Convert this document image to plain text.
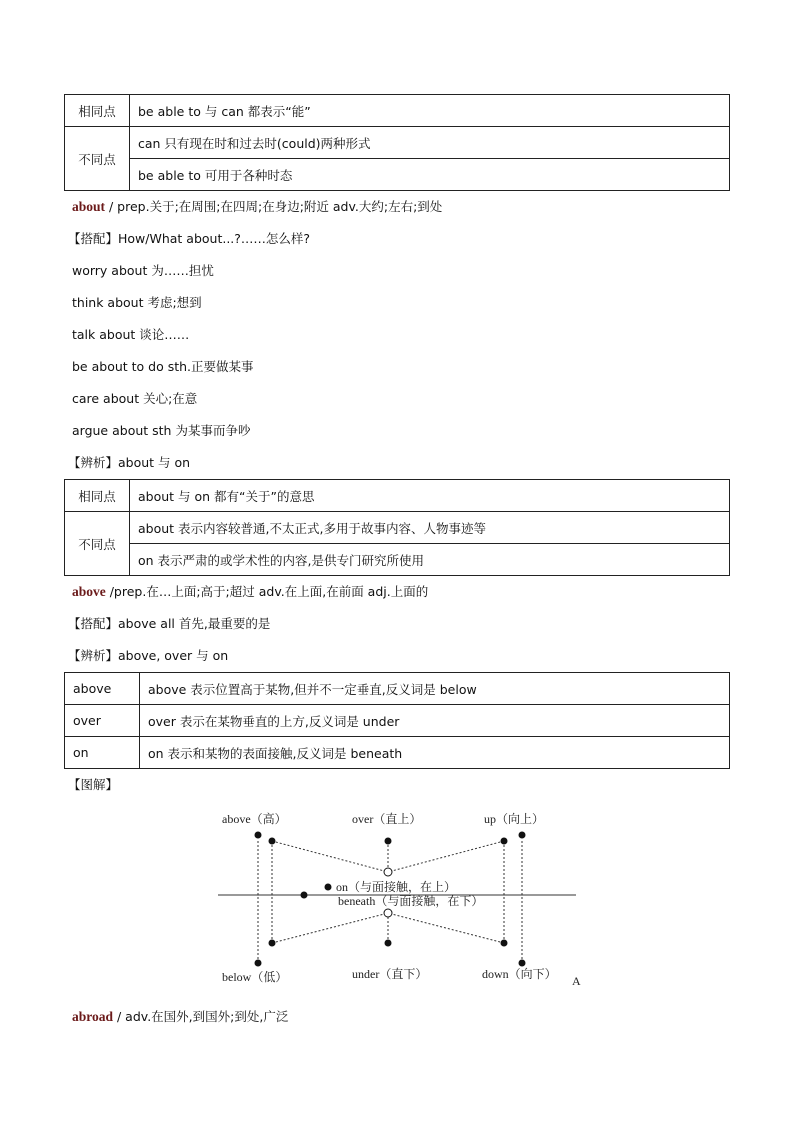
相同点	be able to 与 can 都表示“能”
不同点	can 只有现在时和过去时(could)两种形式
	be able to 可用于各种时态
about / prep.关于;在周围;在四周;在身边;附近 adv.大约;左右;到处
【搭配】How/What about...?……怎么样?
worry about 为……担忧
think about 考虑;想到
talk about 谈论……
be about to do sth.正要做某事
care about 关心;在意
argue about sth 为某事而争吵
【辨析】about 与 on
相同点	about 与 on 都有“关于”的意思
不同点	about 表示内容较普通,不太正式,多用于故事内容、人物事迹等
	on 表示严肃的或学术性的内容,是供专门研究所使用
above /prep.在…上面;高于;超过 adv.在上面,在前面 adj.上面的
【搭配】above all 首先,最重要的是
【辨析】above, over 与 on
above	above 表示位置高于某物,但并不一定垂直,反义词是 below
over	over 表示在某物垂直的上方,反义词是 under
on	on 表示和某物的表面接触,反义词是 beneath
【图解】
above（高）	over（直上）	up（向上）
on（与面接触，在上）
beneath（与面接触，在下）
below（低）	under（直下）	down（向下） A
abroad / adv.在国外,到国外;到处,广泛
